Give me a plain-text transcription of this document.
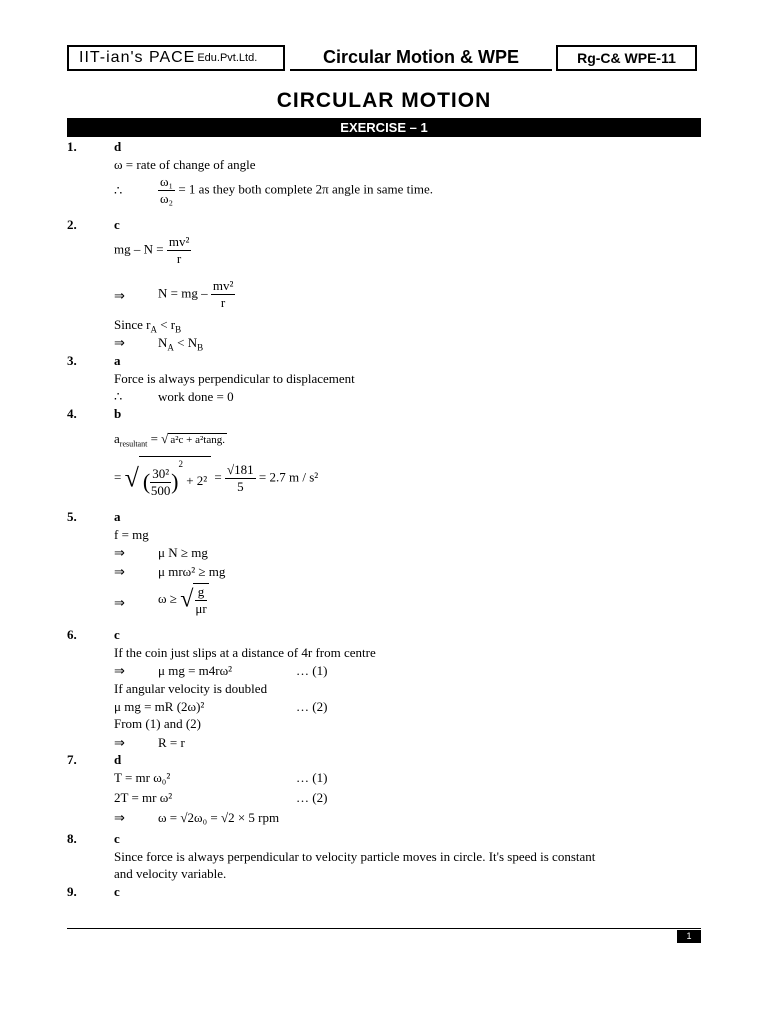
IIT-ian's PACE Edu.Pvt.Ltd.	Circular Motion & WPE	Rg-C& WPE-11
CIRCULAR MOTION
EXERCISE – 1
1.	d
ω = rate of change of angle
∴	$\frac{\text{ω₁}}{\text{ω₂}} = 1$ as they both complete 2π angle in same time.
2.	c
mg – $N = \frac{\text{mv²}}{r}$
⇒	N = mg – $\frac{\text{mv²}}{r}$
Since $r_A < r_B$
⇒	$N_A < N_B$
3.	a
Force is always perpendicular to displacement
∴	work done = 0
4.	b
$a_{resultant}$ = √ a²c + a²tang.
= √ ( $\frac{\text{30²}}{500} )^2 + 2^2 = \frac{√181}{5} = 2.7$ m / s²
5.	a
f = mg
⇒	μ N ≥ mg
⇒	μ mrω² ≥ mg
⇒	ω ≥ √ $\frac{g}{\mu r}$
6.	c
If the coin just slips at a distance of 4r from centre
⇒	μ mg = m4rω²	… (1)
If angular velocity is doubled
μ mg = mR (2ω)²	… (2)
From (1) and (2)
⇒	R = r
7.	d
T = mr ω₀²	… (1)
2T = mr ω²	… (2)
⇒	ω = √2ω₀ = √2 × 5 rpm
8.	c
Since force is always perpendicular to velocity particle moves in circle. It's speed is constant
and velocity variable.
9.	c
1
